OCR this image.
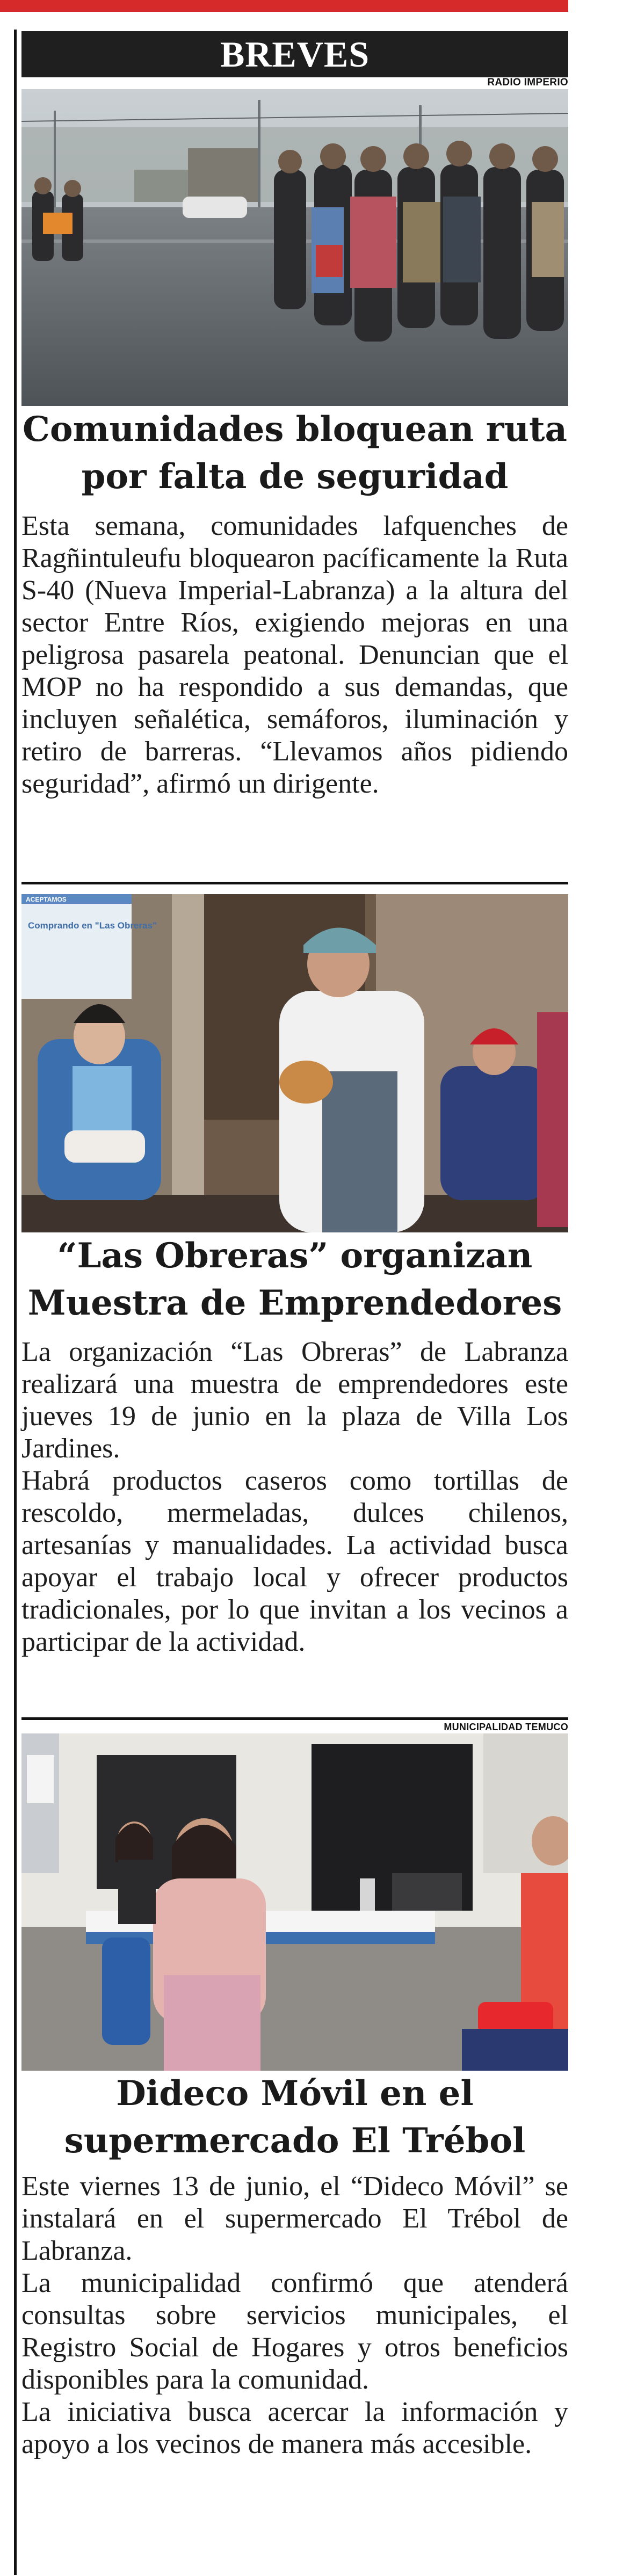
BREVES
RADIO IMPERIO
Comunidades bloquean ruta por falta de seguridad

Esta semana, comunidades lafquenches de Ragñintuleufu bloquearon pacíficamente la Ruta S-40 (Nueva Imperial-Labranza) a la altura del sector Entre Ríos, exigiendo mejoras en una peligrosa pasarela peatonal. Denuncian que el MOP no ha respondido a sus demandas, que incluyen señalética, semáforos, iluminación y retiro de barreras. “Llevamos años pidiendo seguridad”, afirmó un dirigente.

ACEPTAMOS
Comprando en "Las Obreras"
“Las Obreras” organizan Muestra de Emprendedores

La organización “Las Obreras” de Labranza realizará una muestra de emprendedores este jueves 19 de junio en la plaza de Villa Los Jardines.

Habrá productos caseros como tortillas de rescoldo, mermeladas, dulces chilenos, artesanías y manualidades. La actividad busca apoyar el trabajo local y ofrecer productos tradicionales, por lo que invitan a los vecinos a participar de la actividad.

MUNICIPALIDAD TEMUCO
Dideco Móvil en el supermercado El Trébol

Este viernes 13 de junio, el “Dideco Móvil” se instalará en el supermercado El Trébol de Labranza.

La municipalidad confirmó que atenderá consultas sobre servicios municipales, el Registro Social de Hogares y otros beneficios disponibles para la comunidad.

La iniciativa busca acercar la información y apoyo a los vecinos de manera más accesible.
